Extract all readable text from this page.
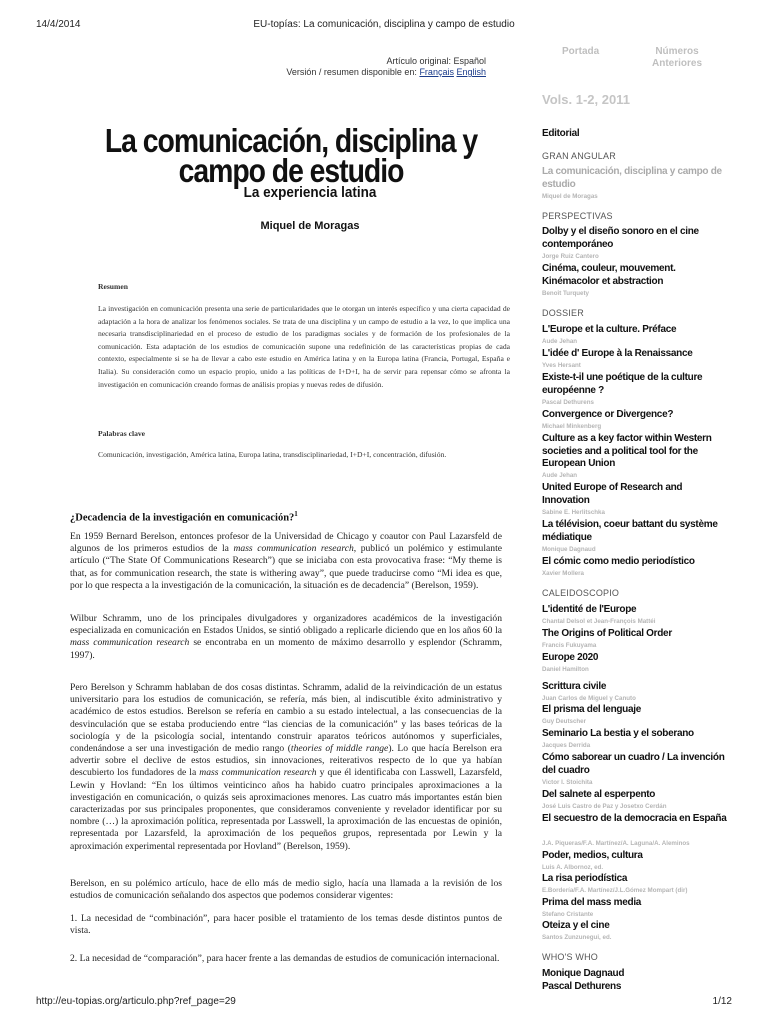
14/4/2014	EU-topías: La comunicación, disciplina y campo de estudio
http://eu-topias.org/articulo.php?ref_page=29	1/12
Portada	Números
Anteriores
Artículo original: Español
Versión / resumen disponible en: Français English
La comunicación, disciplina y
campo de estudio
La experiencia latina
Miquel de Moragas
Resumen
La investigación en comunicación presenta una serie de particularidades que le otorgan un interés específico y una cierta capacidad de adaptación a la hora de analizar los fenómenos sociales. Se trata de una disciplina y un campo de estudio a la vez, lo que implica una necesaria transdisciplinariedad en el proceso de estudio de los paradigmas sociales y de formación de los profesionales de la comunicación. Esta adaptación de los estudios de comunicación supone una redefinición de las características propias de cada contexto, especialmente si se ha de llevar a cabo este estudio en América latina y en la Europa latina (Francia, Portugal, España e Italia). Su consideración como un espacio propio, unido a las políticas de I+D+I, ha de servir para repensar cómo se afronta la investigación en comunicación creando formas de análisis propias y nuevas redes de difusión.
Palabras clave
Comunicación, investigación, América latina, Europa latina, transdisciplinariedad, I+D+I, concentración, difusión.
¿Decadencia de la investigación en comunicación?$^1$

En 1959 Bernard Berelson, entonces profesor de la Universidad de Chicago y coautor con Paul Lazarsfeld de algunos de los primeros estudios de la mass communication research, publicó un polémico y estimulante artículo (“The State Of Communications Research”) que se iniciaba con esta provocativa frase: “My theme is that, as for communication research, the state is withering away”, que puede traducirse como “Mi idea es que, por lo que respecta a la investigación de la comunicación, la situación es de decadencia” (Berelson, 1959).

Wilbur Schramm, uno de los principales divulgadores y organizadores académicos de la investigación especializada en comunicación en Estados Unidos, se sintió obligado a replicarle diciendo que en los años 60 la mass communication research se encontraba en un momento de máximo desarrollo y esplendor (Schramm, 1997).

Pero Berelson y Schramm hablaban de dos cosas distintas. Schramm, adalid de la reivindicación de un estatus universitario para los estudios de comunicación, se refería, más bien, al indiscutible éxito administrativo y académico de estos estudios. Berelson se refería en cambio a su estado intelectual, a las consecuencias de la desvinculación que se estaba produciendo entre “las ciencias de la comunicación” y las bases teóricas de la sociología y de la psicología social, intentando construir aparatos teóricos autónomos y superficiales, condenándose a ser una investigación de medio rango (theories of middle range). Lo que hacía Berelson era advertir sobre el declive de estos estudios, sin innovaciones, reiterativos respecto de lo que ya habían descubierto los fundadores de la mass communication research y que él identificaba con Lasswell, Lazarsfeld, Lewin y Hovland: “En los últimos veinticinco años ha habido cuatro principales aproximaciones a la investigación en comunicación, o quizás seis aproximaciones menores. Las cuatro más importantes están bien caracterizadas por sus principales proponentes, que consideramos conveniente y revelador identificar por su nombre (…) la aproximación política, representada por Lasswell, la aproximación de las encuestas de opinión, representada por Lazarsfeld, la aproximación de los pequeños grupos, representada por Lewin y la aproximación experimental representada por Hovland” (Berelson, 1959).

Berelson, en su polémico artículo, hace de ello más de medio siglo, hacía una llamada a la revisión de los estudios de comunicación señalando dos aspectos que podemos considerar vigentes:

1. La necesidad de “combinación”, para hacer posible el tratamiento de los temas desde distintos puntos de vista.

2. La necesidad de “comparación”, para hacer frente a las demandas de estudios de comunicación internacional.

Vols. 1-2, 2011
Editorial
GRAN ANGULAR
La comunicación, disciplina y campo de estudio
Miquel de Moragas
PERSPECTIVAS
Dolby y el diseño sonoro en el cine contemporáneo
Jorge Ruiz Cantero
Cinéma, couleur, mouvement. Kinémacolor et abstraction
Benoît Turquety
DOSSIER
L'Europe et la culture. Préface
Aude Jehan
L'idée d' Europe à la Renaissance
Yves Hersant
Existe-t-il une poétique de la culture européenne ?
Pascal Dethurens
Convergence or Divergence?
Michael Minkenberg
Culture as a key factor within Western societies and a political tool for the European Union
Aude Jehan
United Europe of Research and Innovation
Sabine E. Herlitschka
La télévision, coeur battant du système médiatique
Monique Dagnaud
El cómic como medio periodístico
Xavier Mollera
CALEIDOSCOPIO
L'identité de l'Europe
Chantal Delsol et Jean-François Mattéi
The Origins of Political Order
Francis Fukuyama
Europe 2020
Daniel Hamilton
Scrittura civile
Juan Carlos de Miguel y Canuto
El prisma del lenguaje
Guy Deutscher
Seminario La bestia y el soberano
Jacques Derrida
Cómo saborear un cuadro / La invención del cuadro
Victor I. Stoichita
Del salnete al esperpento
José Luis Castro de Paz y Josetxo Cerdán
El secuestro de la democracia en España
J.A. Piqueras/F.A. Martínez/A. Laguna/A. Aleminos
Poder, medios, cultura
Luis A. Albornoz, ed.
La risa periodística
E.Bordería/F.A. Martínez/J.L.Gómez Mompart (dir)
Prima del mass media
Stefano Cristante
Oteiza y el cine
Santos Zunzunegui, ed.
WHO'S WHO
Monique Dagnaud
Pascal Dethurens
